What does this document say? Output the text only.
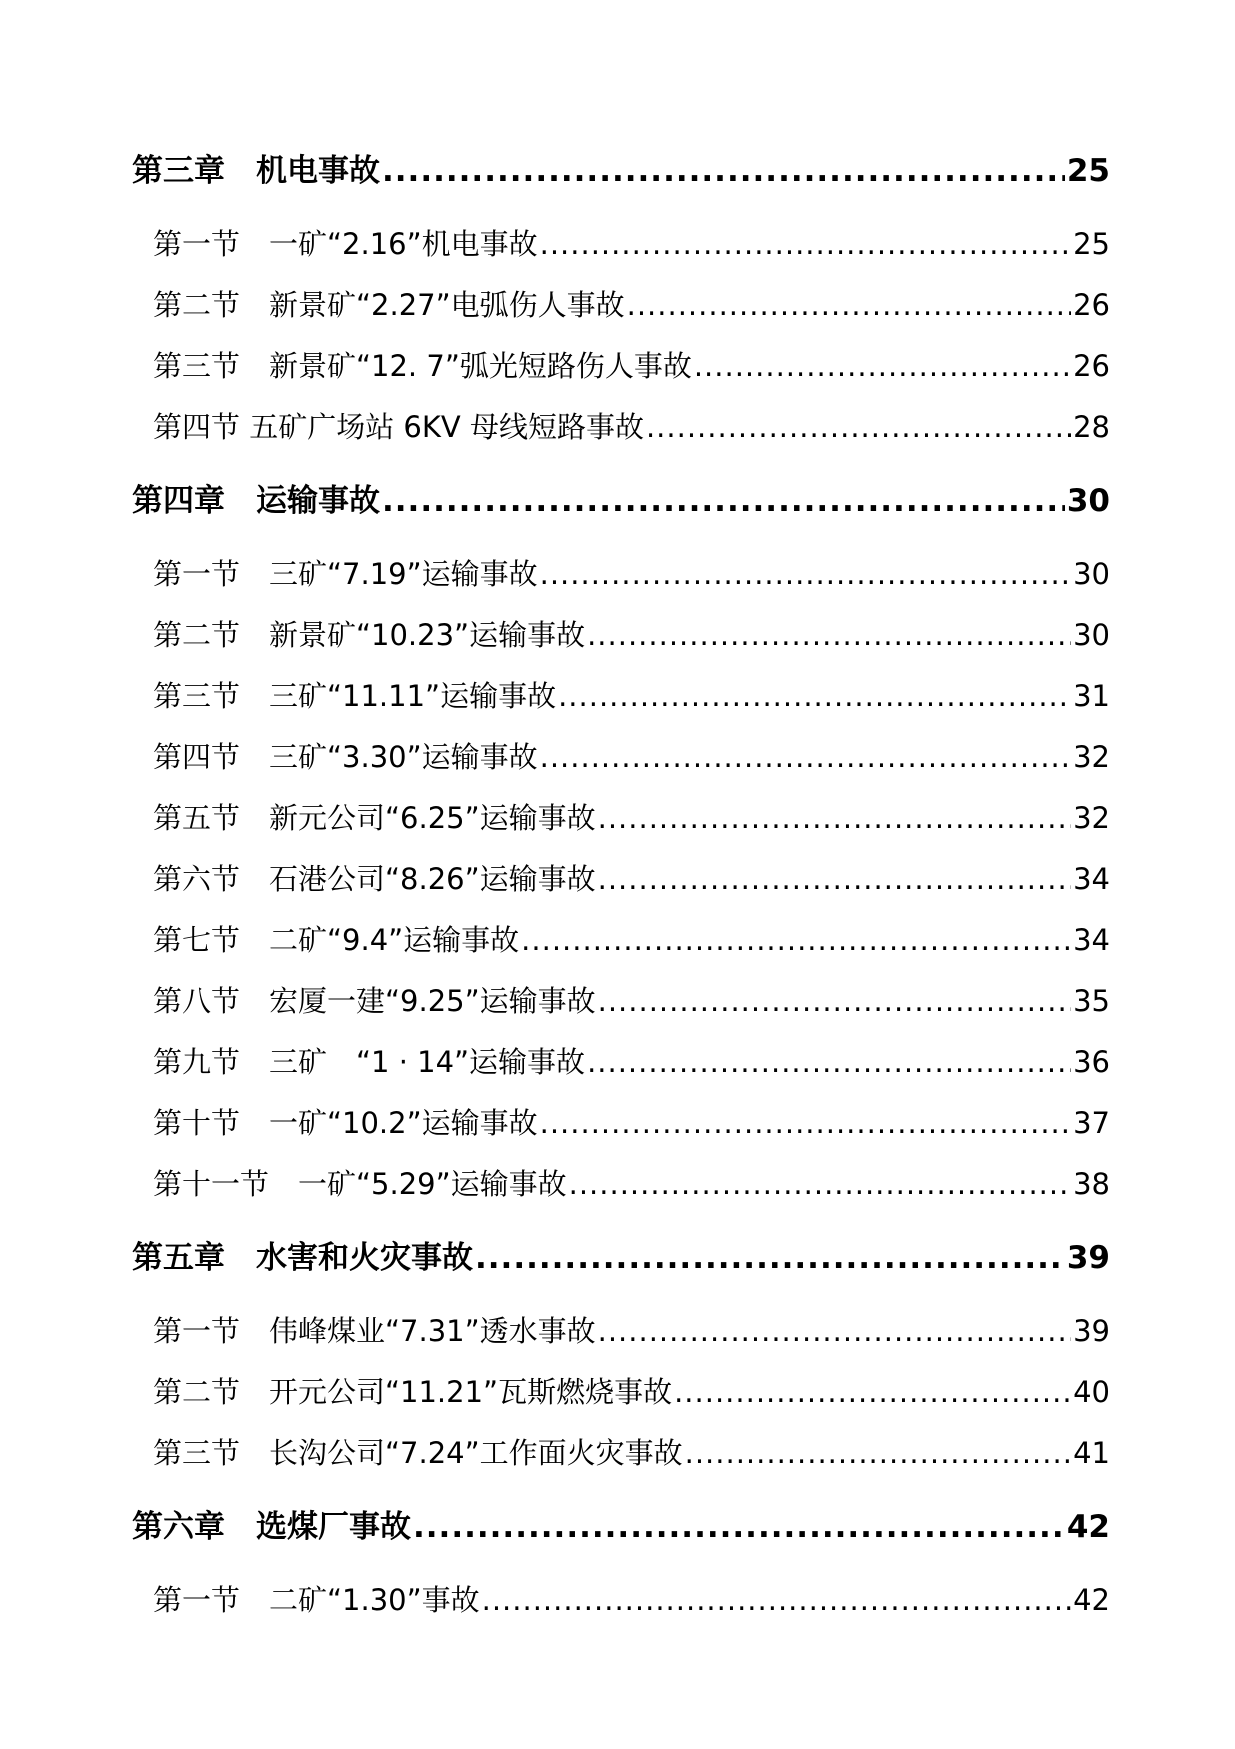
第三章　机电事故 .....	25
第一节　一矿“2.16”机电事故 .....	25
第二节　新景矿“2.27”电弧伤人事故 .....	26
第三节　新景矿“12. 7”弧光短路伤人事故 .....	26
第四节 五矿广场站 6KV 母线短路事故 .....	28
第四章　运输事故 .....	30
第一节　三矿“7.19”运输事故 .....	30
第二节　新景矿“10.23”运输事故 .....	30
第三节　三矿“11.11”运输事故 .....	31
第四节　三矿“3.30”运输事故 .....	32
第五节　新元公司“6.25”运输事故 .....	32
第六节　石港公司“8.26”运输事故 .....	34
第七节　二矿“9.4”运输事故 .....	34
第八节　宏厦一建“9.25”运输事故 .....	35
第九节　三矿　“1 · 14”运输事故 .....	36
第十节　一矿“10.2”运输事故 .....	37
第十一节　一矿“5.29”运输事故 .....	38
第五章　水害和火灾事故 .....	39
第一节　伟峰煤业“7.31”透水事故 .....	39
第二节　开元公司“11.21”瓦斯燃烧事故 .....	40
第三节　长沟公司“7.24”工作面火灾事故 .....	41
第六章　选煤厂事故 .....	42
第一节　二矿“1.30”事故 .....	42
